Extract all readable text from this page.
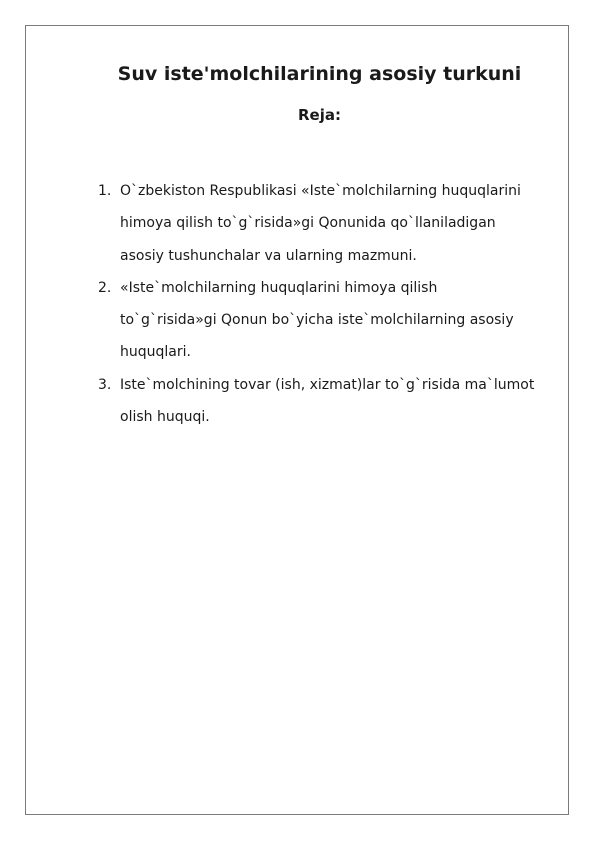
Suv iste'molchilarining asosiy turkuni
Reja:
1. O`zbekiston Respublikasi «Iste`molchilarning huquqlarini
himoya qilish to`g`risida»gi Qonunida qo`llaniladigan
asosiy tushunchalar va ularning mazmuni.
2. «Iste`molchilarning huquqlarini himoya qilish
to`g`risida»gi Qonun bo`yicha iste`molchilarning asosiy
huquqlari.
3. Iste`molchining tovar (ish, xizmat)lar to`g`risida ma`lumot
olish huquqi.
